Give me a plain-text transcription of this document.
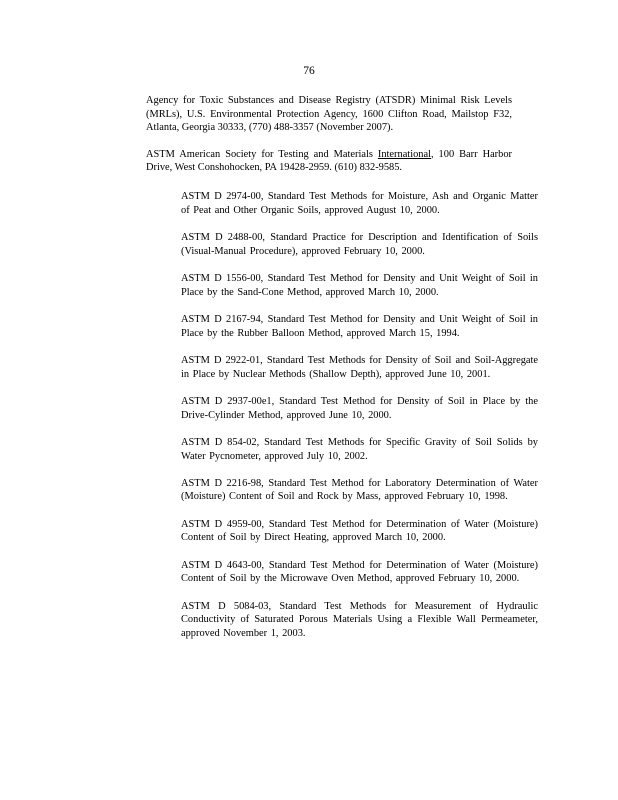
76
Agency for Toxic Substances and Disease Registry (ATSDR) Minimal Risk Levels (MRLs), U.S. Environmental Protection Agency, 1600 Clifton Road, Mailstop F32, Atlanta, Georgia 30333, (770) 488-3357 (November 2007).
ASTM American Society for Testing and Materials International, 100 Barr Harbor Drive, West Conshohocken, PA 19428-2959. (610) 832-9585.
ASTM D 2974-00, Standard Test Methods for Moisture, Ash and Organic Matter of Peat and Other Organic Soils, approved August 10, 2000.
ASTM D 2488-00, Standard Practice for Description and Identification of Soils (Visual-Manual Procedure), approved February 10, 2000.
ASTM D 1556-00, Standard Test Method for Density and Unit Weight of Soil in Place by the Sand-Cone Method, approved March 10, 2000.
ASTM D 2167-94, Standard Test Method for Density and Unit Weight of Soil in Place by the Rubber Balloon Method, approved March 15, 1994.
ASTM D 2922-01, Standard Test Methods for Density of Soil and Soil-Aggregate in Place by Nuclear Methods (Shallow Depth), approved June 10, 2001.
ASTM D 2937-00e1, Standard Test Method for Density of Soil in Place by the Drive-Cylinder Method, approved June 10, 2000.
ASTM D 854-02, Standard Test Methods for Specific Gravity of Soil Solids by Water Pycnometer, approved July 10, 2002.
ASTM D 2216-98, Standard Test Method for Laboratory Determination of Water (Moisture) Content of Soil and Rock by Mass, approved February 10, 1998.
ASTM D 4959-00, Standard Test Method for Determination of Water (Moisture) Content of Soil by Direct Heating, approved March 10, 2000.
ASTM D 4643-00, Standard Test Method for Determination of Water (Moisture) Content of Soil by the Microwave Oven Method, approved February 10, 2000.
ASTM D 5084-03, Standard Test Methods for Measurement of Hydraulic Conductivity of Saturated Porous Materials Using a Flexible Wall Permeameter, approved November 1, 2003.
